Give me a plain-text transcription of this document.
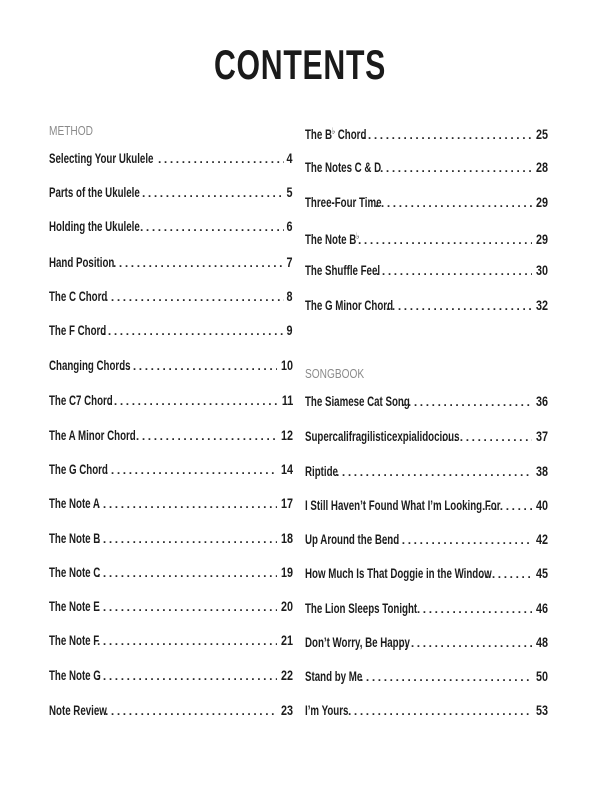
CONTENTS
METHOD
Selecting Your Ukulele .....	4
Parts of the Ukulele .....	5
Holding the Ukulele .....	6
Hand Position .....	7
The C Chord .....	8
The F Chord .....	9
Changing Chords .....	10
The C7 Chord .....	11
The A Minor Chord .....	12
The G Chord .....	14
The Note A .....	17
The Note B .....	18
The Note C .....	19
The Note E .....	20
The Note F .....	21
The Note G .....	22
Note Review .....	23
The B♭ Chord .....	25
The Notes C & D .....	28
Three-Four Time .....	29
The Note B♭ .....	29
The Shuffle Feel .....	30
The G Minor Chord .....	32
SONGBOOK
The Siamese Cat Song .....	36
Supercalifragilisticexpialidocious .....	37
Riptide .....	38
I Still Haven’t Found What I’m Looking For .....	40
Up Around the Bend .....	42
How Much Is That Doggie in the Window .....	45
The Lion Sleeps Tonight .....	46
Don’t Worry, Be Happy .....	48
Stand by Me .....	50
I’m Yours .....	53
